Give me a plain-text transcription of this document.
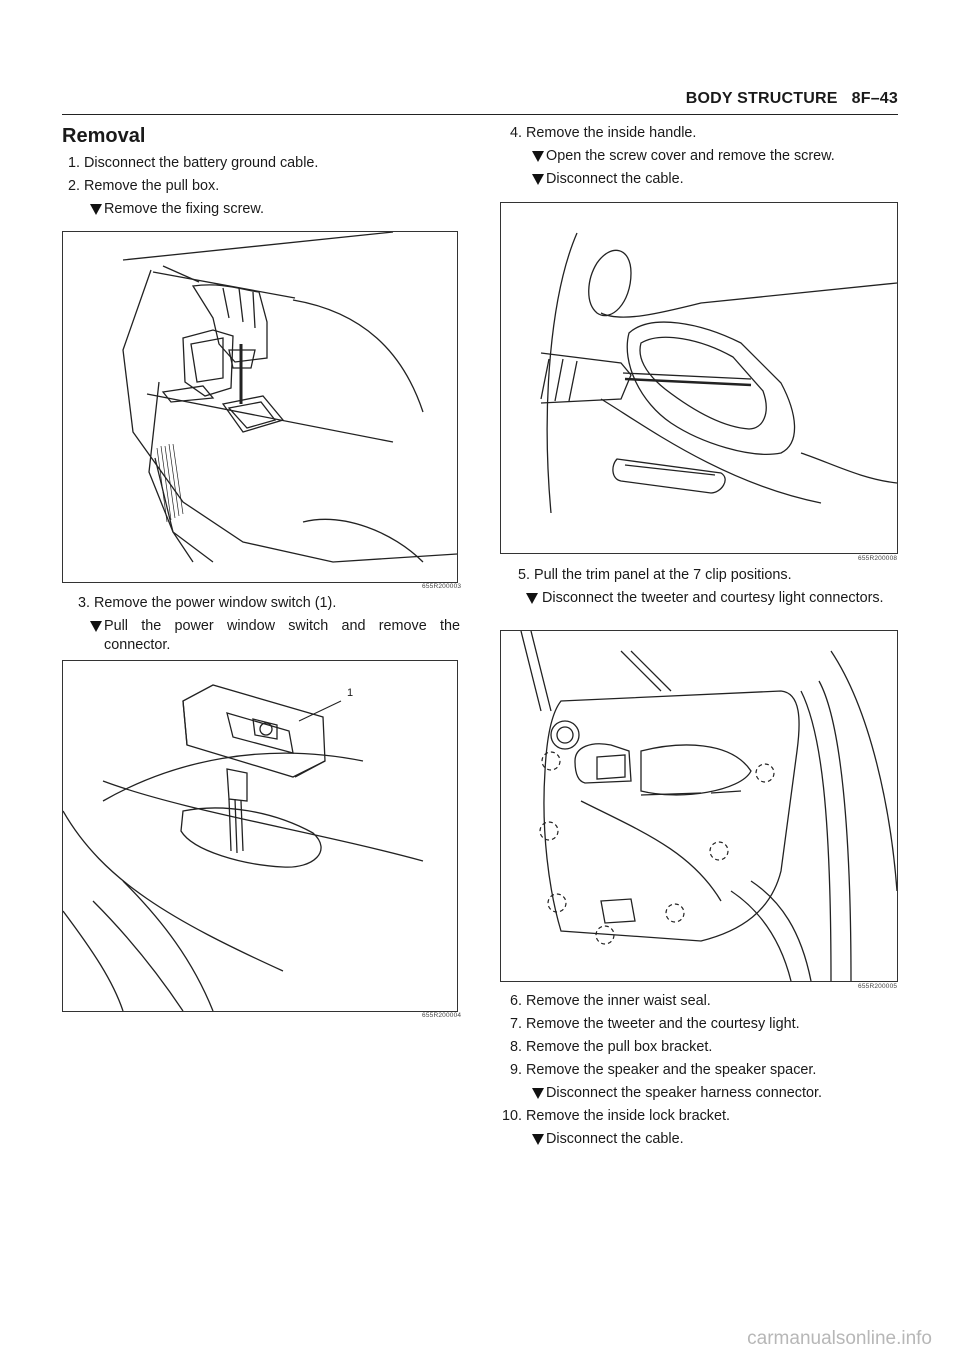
BODY STRUCTURE 8F–43
Removal
1. Disconnect the battery ground cable.
2. Remove the pull box.
Remove the fixing screw.
655R200003
3. Remove the power window switch (1).
Pull the power window switch and remove the connector.
1
655R200004
4. Remove the inside handle.
Open the screw cover and remove the screw.
Disconnect the cable.
655R200008
5. Pull the trim panel at the 7 clip positions.
Disconnect the tweeter and courtesy light connectors.
655R200005
6. Remove the inner waist seal.
7. Remove the tweeter and the courtesy light.
8. Remove the pull box bracket.
9. Remove the speaker and the speaker spacer.
Disconnect the speaker harness connector.
10. Remove the inside lock bracket.
Disconnect the cable.
carmanualsonline.info
